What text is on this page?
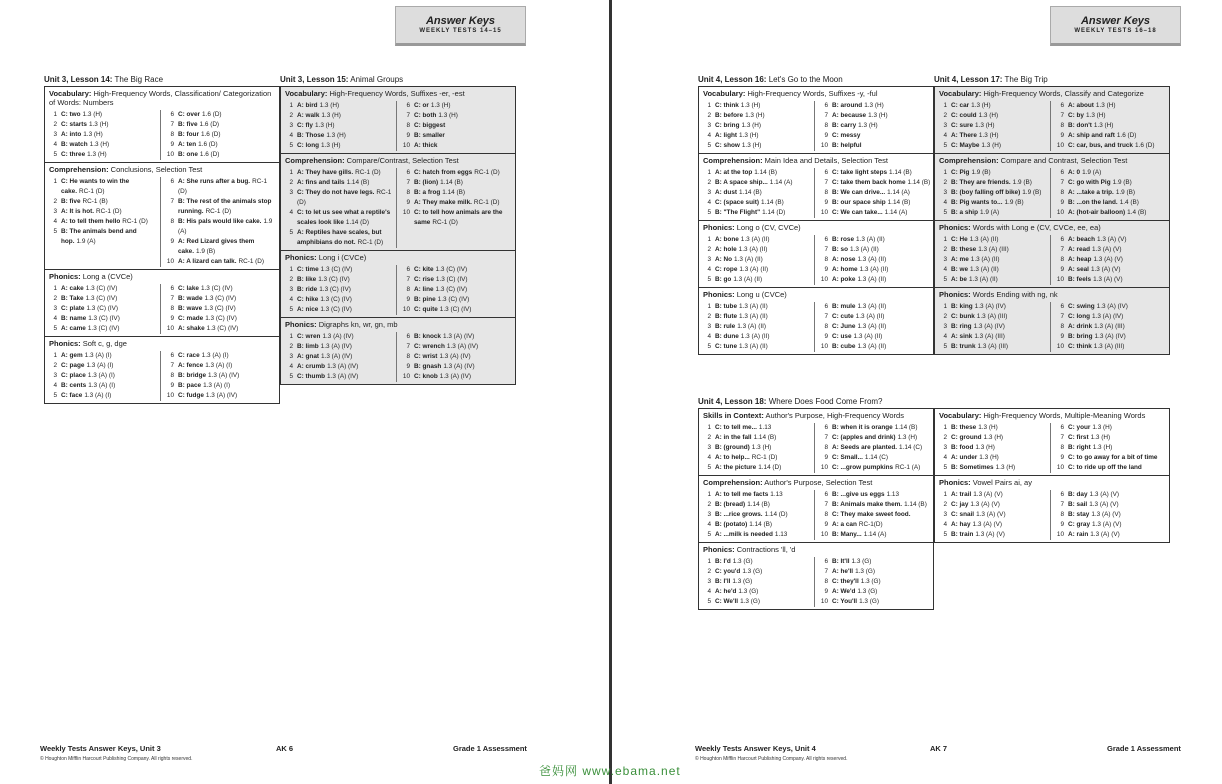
Answer Keys
WEEKLY TESTS 14–15
Unit 3, Lesson 14: The Big Race
Vocabulary: High-Frequency Words, Classification/ Categorization of Words: Numbers
1 C: two 1.3 (H)
2 C: starts 1.3 (H)
3 A: into 1.3 (H)
4 B: watch 1.3 (H)
5 C: three 1.3 (H)
6 C: over 1.6 (D)
7 B: five 1.6 (D)
8 B: four 1.6 (D)
9 A: ten 1.6 (D)
10 B: one 1.6 (D)
Comprehension: Conclusions, Selection Test
1 C: He wants to win the cake. RC-1 (D)
2 B: five RC-1 (B)
3 A: It is hot. RC-1 (D)
4 A: to tell them hello RC-1 (D)
5 B: The animals bend and hop. 1.9 (A)
6 A: She runs after a bug. RC-1 (D)
7 B: The rest of the animals stop running. RC-1 (D)
8 B: His pals would like cake. 1.9 (A)
9 A: Red Lizard gives them cake. 1.9 (B)
10 A: A lizard can talk. RC-1 (D)
Phonics: Long a (CVCe)
1 A: cake 1.3 (C) (IV)
2 B: Take 1.3 (C) (IV)
3 C: plate 1.3 (C) (IV)
4 B: name 1.3 (C) (IV)
5 A: came 1.3 (C) (IV)
6 C: lake 1.3 (C) (IV)
7 B: wade 1.3 (C) (IV)
8 B: wave 1.3 (C) (IV)
9 C: made 1.3 (C) (IV)
10 A: shake 1.3 (C) (IV)
Phonics: Soft c, g, dge
1 A: gem 1.3 (A) (I)
2 C: page 1.3 (A) (I)
3 C: place 1.3 (A) (I)
4 B: cents 1.3 (A) (I)
5 C: face 1.3 (A) (I)
6 C: race 1.3 (A) (I)
7 A: fence 1.3 (A) (I)
8 B: bridge 1.3 (A) (IV)
9 B: pace 1.3 (A) (I)
10 C: fudge 1.3 (A) (IV)
Unit 3, Lesson 15: Animal Groups
Vocabulary: High-Frequency Words, Suffixes -er, -est
1 A: bird 1.3 (H)
2 A: walk 1.3 (H)
3 C: fly 1.3 (H)
4 B: Those 1.3 (H)
5 C: long 1.3 (H)
6 C: or 1.3 (H)
7 C: both 1.3 (H)
8 C: biggest
9 B: smaller
10 A: thick
Comprehension: Compare/Contrast, Selection Test
1 A: They have gills. RC-1 (D)
2 A: fins and tails 1.14 (B)
3 C: They do not have legs. RC-1 (D)
4 C: to let us see what a reptile's scales look like 1.14 (D)
5 A: Reptiles have scales, but amphibians do not. RC-1 (D)
6 C: hatch from eggs RC-1 (D)
7 B: (lion) 1.14 (B)
8 B: a frog 1.14 (B)
9 A: They make milk. RC-1 (D)
10 C: to tell how animals are the same RC-1 (D)
Phonics: Long i (CVCe)
1 C: time 1.3 (C) (IV)
2 B: like 1.3 (C) (IV)
3 B: ride 1.3 (C) (IV)
4 C: hike 1.3 (C) (IV)
5 A: nice 1.3 (C) (IV)
6 C: kite 1.3 (C) (IV)
7 C: rise 1.3 (C) (IV)
8 A: line 1.3 (C) (IV)
9 B: pine 1.3 (C) (IV)
10 C: quite 1.3 (C) (IV)
Phonics: Digraphs kn, wr, gn, mb
1 C: wren 1.3 (A) (IV)
2 B: limb 1.3 (A) (IV)
3 A: gnat 1.3 (A) (IV)
4 A: crumb 1.3 (A) (IV)
5 C: thumb 1.3 (A) (IV)
6 B: knock 1.3 (A) (IV)
7 C: wrench 1.3 (A) (IV)
8 C: wrist 1.3 (A) (IV)
9 B: gnash 1.3 (A) (IV)
10 C: knob 1.3 (A) (IV)
Weekly Tests Answer Keys, Unit 3	AK 6	Grade 1 Assessment
© Houghton Mifflin Harcourt Publishing Company. All rights reserved.
Answer Keys
WEEKLY TESTS 16–18
Unit 4, Lesson 16: Let's Go to the Moon
Vocabulary: High-Frequency Words, Suffixes -y, -ful
1 C: think 1.3 (H)
2 B: before 1.3 (H)
3 C: bring 1.3 (H)
4 A: light 1.3 (H)
5 C: show 1.3 (H)
6 B: around 1.3 (H)
7 A: because 1.3 (H)
8 B: carry 1.3 (H)
9 C: messy
10 B: helpful
Comprehension: Main Idea and Details, Selection Test
1 A: at the top 1.14 (B)
2 B: A space ship... 1.14 (A)
3 A: dust 1.14 (B)
4 C: (space suit) 1.14 (B)
5 B: "The Flight" 1.14 (D)
6 C: take light steps 1.14 (B)
7 C: take them back home 1.14 (B)
8 B: We can drive... 1.14 (A)
9 B: our space ship 1.14 (B)
10 C: We can take... 1.14 (A)
Phonics: Long o (CV, CVCe)
1 A: bone 1.3 (A) (II)
2 A: hole 1.3 (A) (II)
3 A: No 1.3 (A) (II)
4 C: rope 1.3 (A) (II)
5 B: go 1.3 (A) (II)
6 B: rose 1.3 (A) (II)
7 B: so 1.3 (A) (II)
8 A: nose 1.3 (A) (II)
9 A: home 1.3 (A) (II)
10 A: poke 1.3 (A) (II)
Phonics: Long u (CVCe)
1 B: tube 1.3 (A) (II)
2 B: flute 1.3 (A) (II)
3 B: rule 1.3 (A) (II)
4 B: dune 1.3 (A) (II)
5 C: tune 1.3 (A) (II)
6 B: mule 1.3 (A) (II)
7 C: cute 1.3 (A) (II)
8 C: June 1.3 (A) (II)
9 C: use 1.3 (A) (II)
10 B: cube 1.3 (A) (II)
Unit 4, Lesson 17: The Big Trip
Vocabulary: High-Frequency Words, Classify and Categorize
1 C: car 1.3 (H)
2 C: could 1.3 (H)
3 C: sure 1.3 (H)
4 A: There 1.3 (H)
5 C: Maybe 1.3 (H)
6 A: about 1.3 (H)
7 C: by 1.3 (H)
8 B: don't 1.3 (H)
9 A: ship and raft 1.6 (D)
10 C: car, bus, and truck 1.6 (D)
Comprehension: Compare and Contrast, Selection Test
1 C: Pig 1.9 (B)
2 B: They are friends. 1.9 (B)
3 B: (boy falling off bike) 1.9 (B)
4 B: Pig wants to... 1.9 (B)
5 B: a ship 1.9 (A)
6 A: 0 1.9 (A)
7 C: go with Pig 1.9 (B)
8 A: ...take a trip. 1.9 (B)
9 B: ...on the land. 1.4 (B)
10 A: (hot-air balloon) 1.4 (B)
Phonics: Words with Long e (CV, CVCe, ee, ea)
1 C: He 1.3 (A) (II)
2 B: these 1.3 (A) (III)
3 A: me 1.3 (A) (II)
4 B: we 1.3 (A) (II)
5 A: be 1.3 (A) (II)
6 A: beach 1.3 (A) (V)
7 A: read 1.3 (A) (V)
8 A: heap 1.3 (A) (V)
9 A: seal 1.3 (A) (V)
10 B: feels 1.3 (A) (V)
Phonics: Words Ending with ng, nk
1 B: king 1.3 (A) (IV)
2 C: bunk 1.3 (A) (III)
3 B: ring 1.3 (A) (IV)
4 A: sink 1.3 (A) (III)
5 B: trunk 1.3 (A) (III)
6 C: swing 1.3 (A) (IV)
7 C: long 1.3 (A) (IV)
8 A: drink 1.3 (A) (III)
9 B: bring 1.3 (A) (IV)
10 C: think 1.3 (A) (III)
Unit 4, Lesson 18: Where Does Food Come From?
Skills in Context: Author's Purpose, High-Frequency Words
1 C: to tell me... 1.13
2 A: in the fall 1.14 (B)
3 B: (ground) 1.3 (H)
4 A: to help... RC-1 (D)
5 A: the picture 1.14 (D)
6 B: when it is orange 1.14 (B)
7 C: (apples and drink) 1.3 (H)
8 A: Seeds are planted. 1.14 (C)
9 C: Small... 1.14 (C)
10 C: ...grow pumpkins RC-1 (A)
Comprehension: Author's Purpose, Selection Test
1 A: to tell me facts 1.13
2 B: (bread) 1.14 (B)
3 B: ...rice grows. 1.14 (D)
4 B: (potato) 1.14 (B)
5 A: ...milk is needed 1.13
6 B: ...give us eggs 1.13
7 B: Animals make them. 1.14 (B)
8 C: They make sweet food.
9 A: a can RC-1(D)
10 B: Many... 1.14 (A)
Phonics: Contractions 'll, 'd
1 B: I'd 1.3 (G)
2 C: you'd 1.3 (G)
3 B: I'll 1.3 (G)
4 A: he'd 1.3 (G)
5 C: We'll 1.3 (G)
6 B: It'll 1.3 (G)
7 A: he'll 1.3 (G)
8 C: they'll 1.3 (G)
9 A: We'd 1.3 (G)
10 C: You'll 1.3 (G)
Vocabulary: High-Frequency Words, Multiple-Meaning Words
1 B: these 1.3 (H)
2 C: ground 1.3 (H)
3 B: food 1.3 (H)
4 A: under 1.3 (H)
5 B: Sometimes 1.3 (H)
6 C: your 1.3 (H)
7 C: first 1.3 (H)
8 B: right 1.3 (H)
9 C: to go away for a bit of time
10 C: to ride up off the land
Phonics: Vowel Pairs ai, ay
1 A: trail 1.3 (A) (V)
2 C: jay 1.3 (A) (V)
3 C: snail 1.3 (A) (V)
4 A: hay 1.3 (A) (V)
5 B: train 1.3 (A) (V)
6 B: day 1.3 (A) (V)
7 B: sail 1.3 (A) (V)
8 B: stay 1.3 (A) (V)
9 C: gray 1.3 (A) (V)
10 A: rain 1.3 (A) (V)
Weekly Tests Answer Keys, Unit 4	AK 7	Grade 1 Assessment
© Houghton Mifflin Harcourt Publishing Company. All rights reserved.
爸妈网 www.ebama.net
